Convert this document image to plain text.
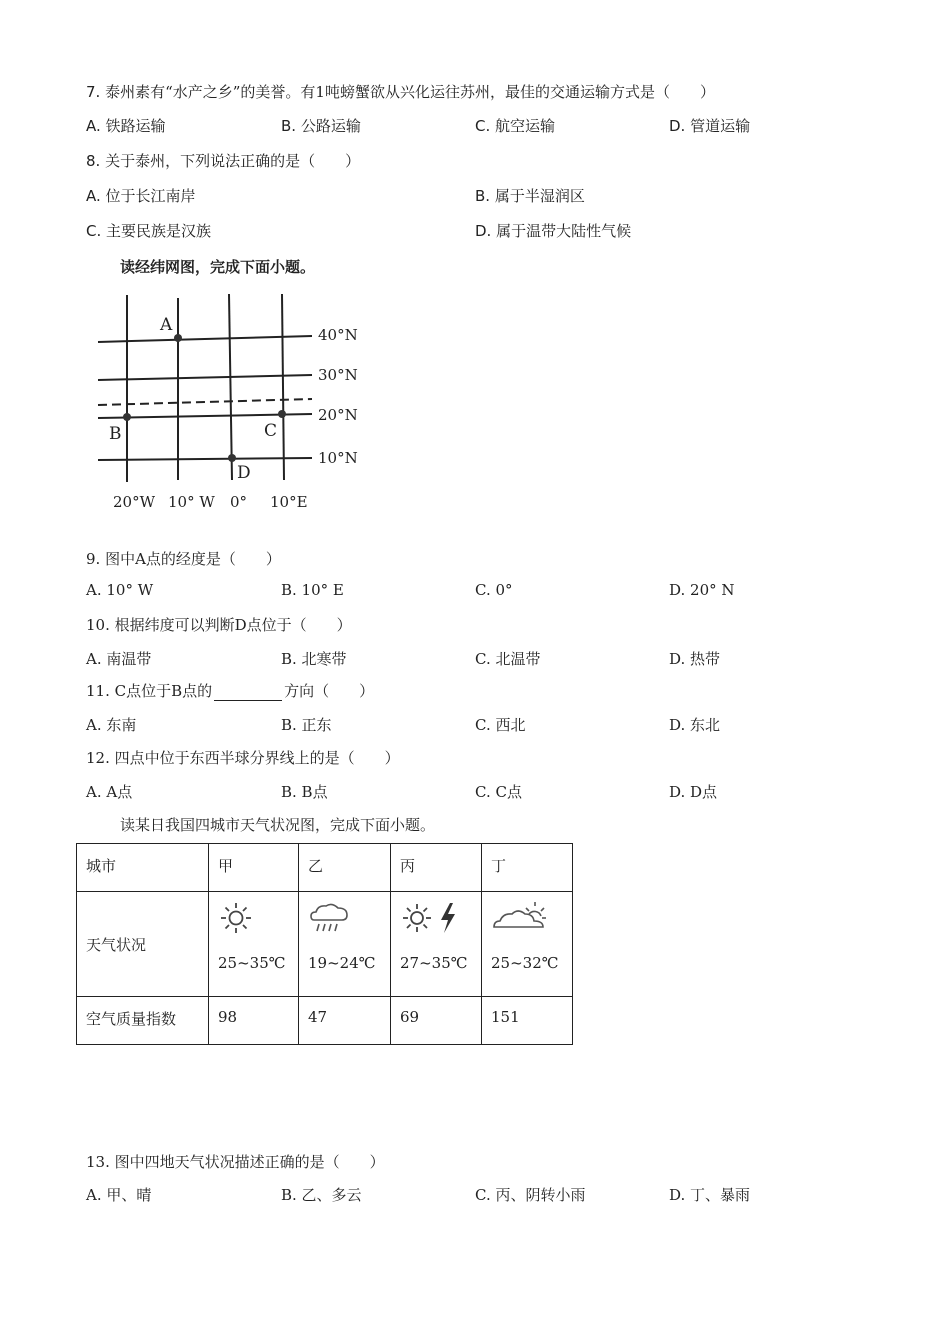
7. 泰州素有“水产之乡”的美誉。有1吨螃蟹欲从兴化运往苏州，最佳的交通运输方式是（　　）
A. 铁路运输	B. 公路运输	C. 航空运输	D. 管道运输
8. 关于泰州，下列说法正确的是（　　）
A. 位于长江南岸	B. 属于半湿润区
C. 主要民族是汉族	D. 属于温带大陆性气候
读经纬网图，完成下面小题。
A
B	C
D
40°N
30°N
20°N
10°N
20°W 10° W 0° 10°E
9. 图中A点的经度是（　　）
A. 10° W	B. 10° E	C. 0°	D. 20° N
10. 根据纬度可以判断D点位于（　　）
A. 南温带	B. 北寒带	C. 北温带	D. 热带
11. C点位于B点的	方向（　　）
A. 东南	B. 正东	C. 西北	D. 东北
12. 四点中位于东西半球分界线上的是（　　）
A. A点	B. B点	C. C点	D. D点
读某日我国四城市天气状况图，完成下面小题。
城市	甲	乙	丙	丁
天气状况	25~35℃	19~24℃	27~35℃	25~32℃

空气质量指数	98	47	69	151
13. 图中四地天气状况描述正确的是（　　）
A. 甲、晴	B. 乙、多云	C. 丙、阴转小雨	D. 丁、暴雨
